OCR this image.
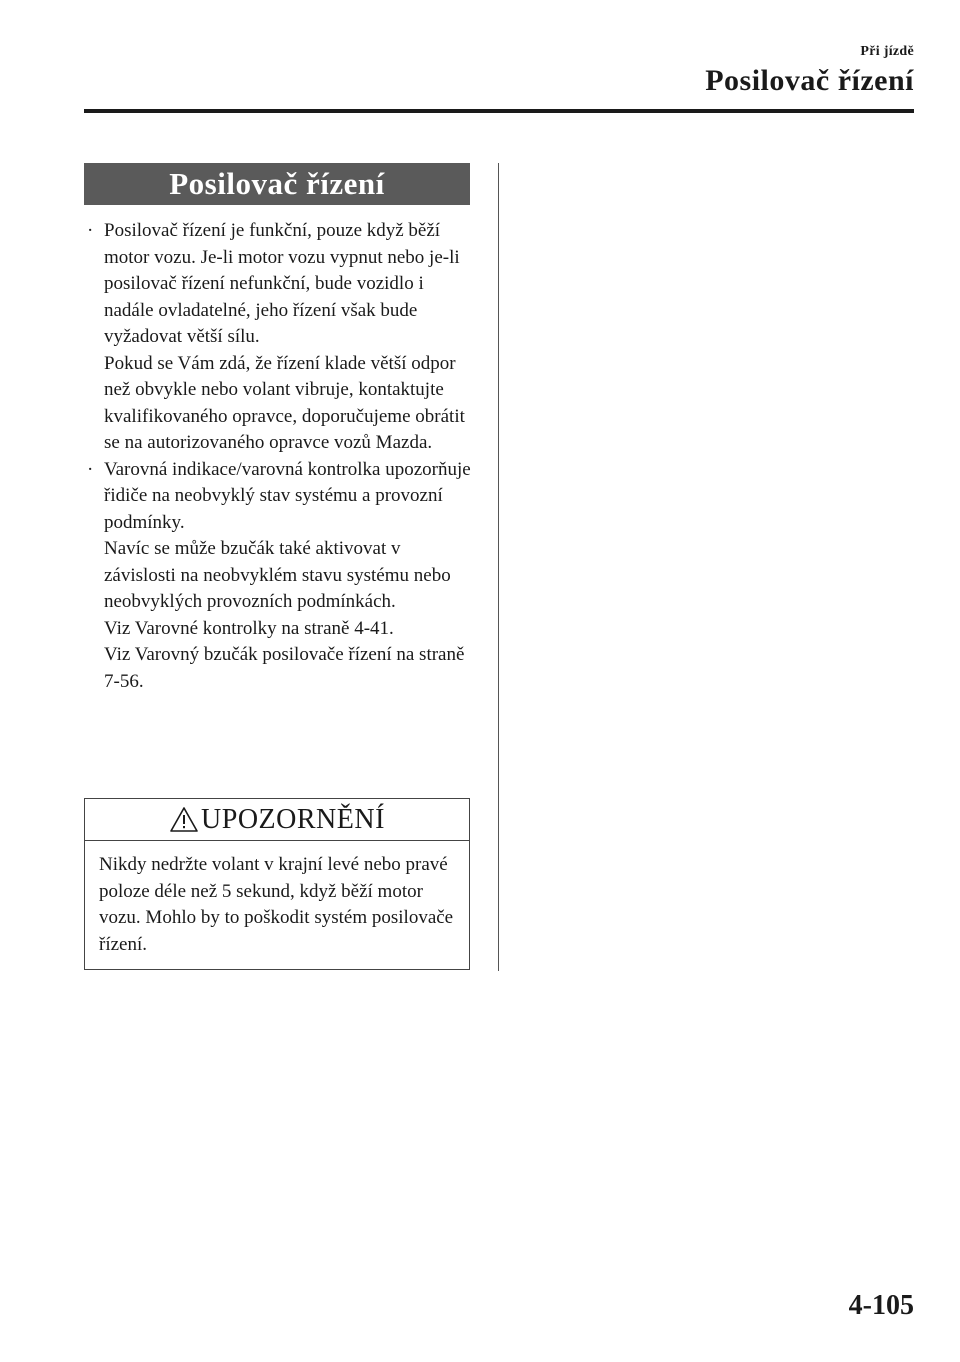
Při jízdě
Posilovač řízení
Posilovač řízení
· Posilovač řízení je funkční, pouze když běží motor vozu. Je-li motor vozu vypnut nebo je-li posilovač řízení nefunkční, bude vozidlo i nadále ovladatelné, jeho řízení však bude vyžadovat větší sílu.

Pokud se Vám zdá, že řízení klade větší odpor než obvykle nebo volant vibruje, kontaktujte kvalifikovaného opravce, doporučujeme obrátit se na autorizovaného opravce vozů Mazda.

· Varovná indikace/varovná kontrolka upozorňuje řidiče na neobvyklý stav systému a provozní podmínky.

Navíc se může bzučák také aktivovat v závislosti na neobvyklém stavu systému nebo neobvyklých provozních podmínkách.

Viz Varovné kontrolky na straně 4-41.

Viz Varovný bzučák posilovače řízení na straně 7-56.

UPOZORNĚNÍ
Nikdy nedržte volant v krajní levé nebo pravé poloze déle než 5 sekund, když běží motor vozu. Mohlo by to poškodit systém posilovače řízení.
4-105
